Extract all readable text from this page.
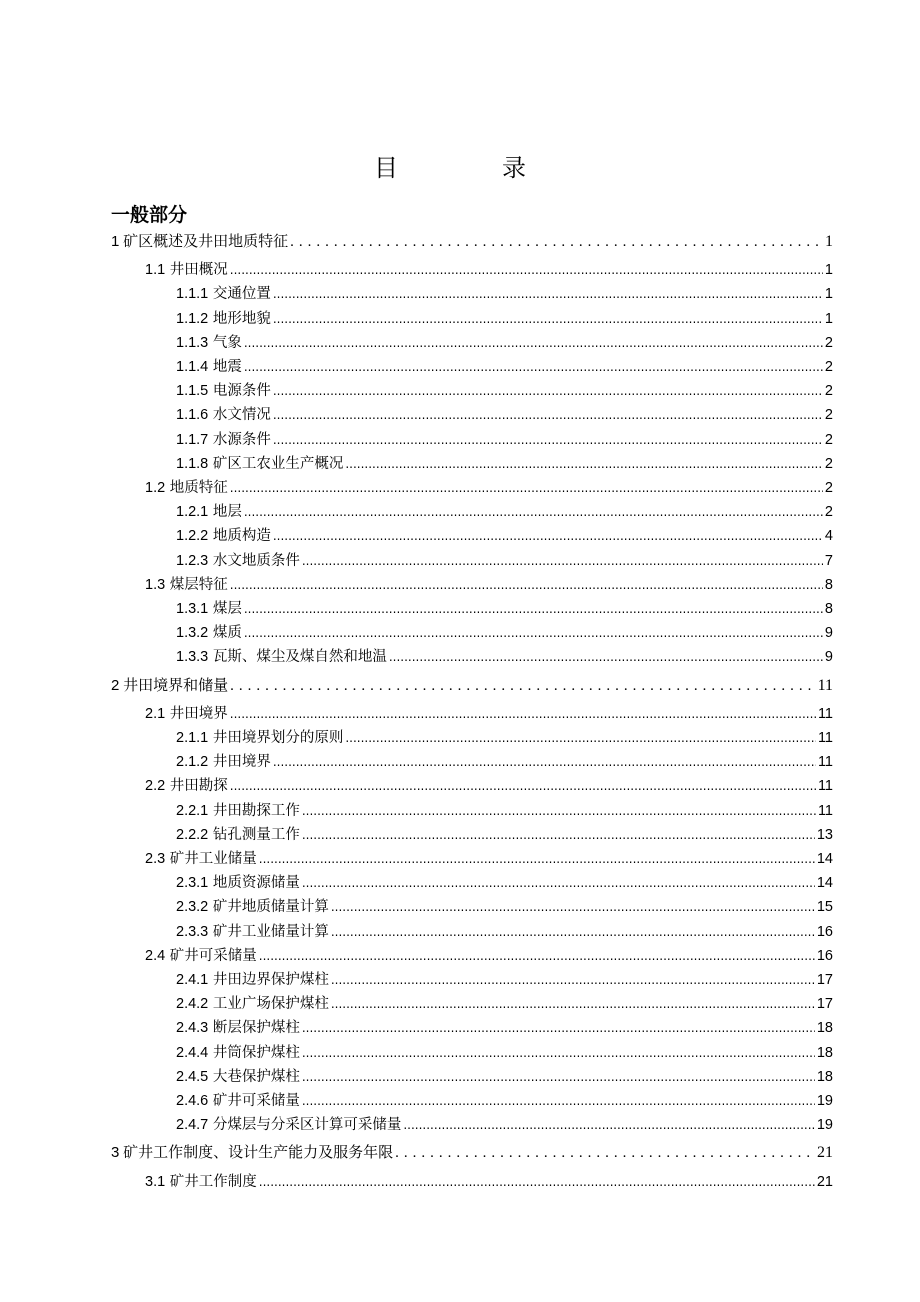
目　录
一般部分
1 矿区概述及井田地质特征 .....	1
1.1 井田概况 .....	1
1.1.1 交通位置 .....	1
1.1.2 地形地貌 .....	1
1.1.3 气象 .....	2
1.1.4 地震 .....	2
1.1.5 电源条件 .....	2
1.1.6 水文情况 .....	2
1.1.7 水源条件 .....	2
1.1.8 矿区工农业生产概况 .....	2
1.2 地质特征 .....	2
1.2.1 地层 .....	2
1.2.2 地质构造 .....	4
1.2.3 水文地质条件 .....	7
1.3 煤层特征 .....	8
1.3.1 煤层 .....	8
1.3.2 煤质 .....	9
1.3.3 瓦斯、煤尘及煤自然和地温 .....	9
2 井田境界和储量 .....	11
2.1 井田境界 .....	11
2.1.1 井田境界划分的原则 .....	11
2.1.2 井田境界 .....	11
2.2 井田勘探 .....	11
2.2.1 井田勘探工作 .....	11
2.2.2 钻孔测量工作 .....	13
2.3 矿井工业储量 .....	14
2.3.1 地质资源储量 .....	14
2.3.2 矿井地质储量计算 .....	15
2.3.3 矿井工业储量计算 .....	16
2.4 矿井可采储量 .....	16
2.4.1 井田边界保护煤柱 .....	17
2.4.2 工业广场保护煤柱 .....	17
2.4.3 断层保护煤柱 .....	18
2.4.4 井筒保护煤柱 .....	18
2.4.5 大巷保护煤柱 .....	18
2.4.6 矿井可采储量 .....	19
2.4.7 分煤层与分采区计算可采储量 .....	19
3 矿井工作制度、设计生产能力及服务年限 .....	21
3.1 矿井工作制度 .....	21
